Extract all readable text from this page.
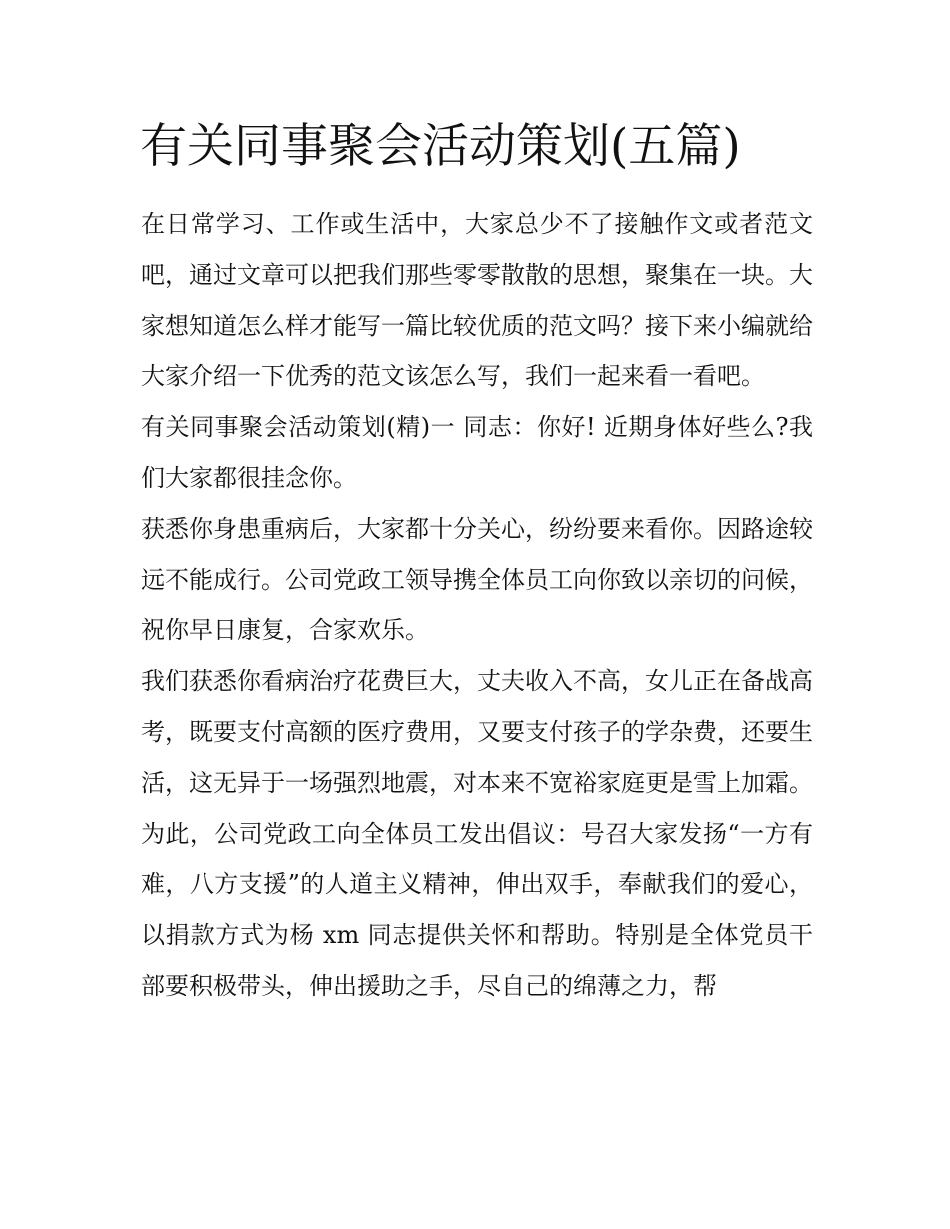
有关同事聚会活动策划(五篇)

在日常学习、工作或生活中，大家总少不了接触作文或者范文吧，通过文章可以把我们那些零零散散的思想，聚集在一块。大家想知道怎么样才能写一篇比较优质的范文吗？接下来小编就给大家介绍一下优秀的范文该怎么写，我们一起来看一看吧。

有关同事聚会活动策划(精)一 同志：你好! 近期身体好些么?我们大家都很挂念你。

获悉你身患重病后，大家都十分关心，纷纷要来看你。因路途较远不能成行。公司党政工领导携全体员工向你致以亲切的问候，祝你早日康复，合家欢乐。

我们获悉你看病治疗花费巨大，丈夫收入不高，女儿正在备战高考，既要支付高额的医疗费用，又要支付孩子的学杂费，还要生活，这无异于一场强烈地震，对本来不宽裕家庭更是雪上加霜。

为此，公司党政工向全体员工发出倡议：号召大家发扬“一方有难，八方支援”的人道主义精神，伸出双手，奉献我们的爱心，以捐款方式为杨 xm 同志提供关怀和帮助。特别是全体党员干部要积极带头，伸出援助之手，尽自己的绵薄之力，帮
